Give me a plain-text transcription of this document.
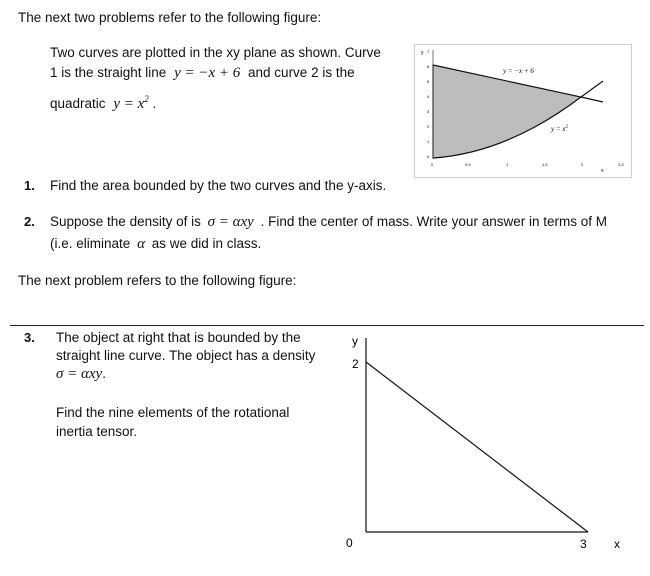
The next two problems refer to the following figure:
Two curves are plotted in the xy plane as shown. Curve
1 is the straight line y = −x + 6 and curve 2 is the
quadratic $y = x^2$ .
y
0
1
2
3
4
5
6
7
0	0.5	1	1.5	2	2.5
x
y = −x + 6
$y = x^2$
1. Find the area bounded by the two curves and the y-axis.
2. Suppose the density of is σ = αxy . Find the center of mass. Write your answer in terms of M
(i.e. eliminate α as we did in class.
The next problem refers to the following figure:
3. The object at right that is bounded by the
straight line curve. The object has a density
σ = αxy.
Find the nine elements of the rotational
inertia tensor.
y
2
0	3 x
